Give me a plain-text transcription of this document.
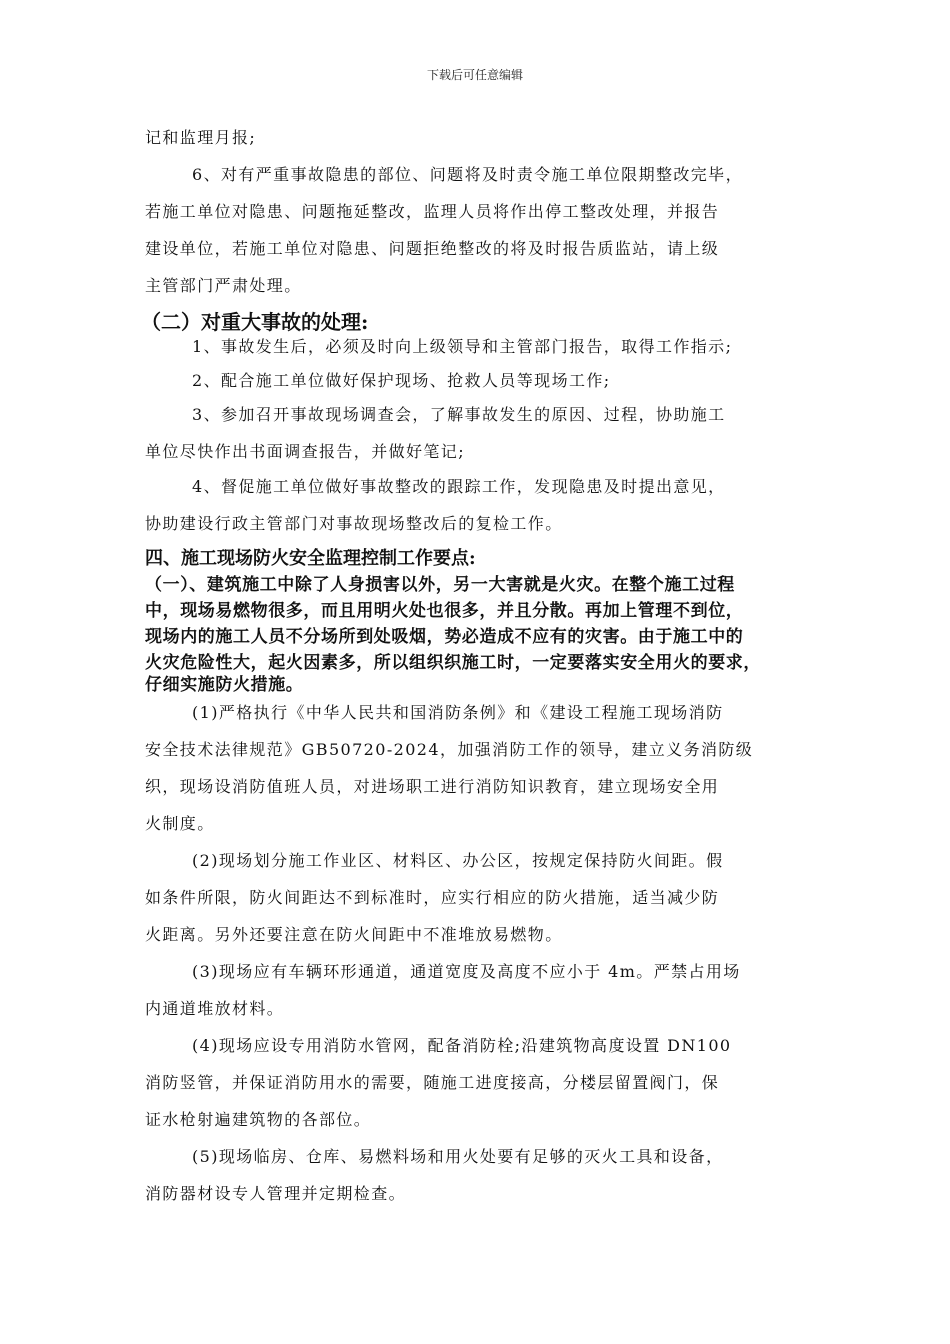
下载后可任意编辑
记和监理月报;
6、对有严重事故隐患的部位、问题将及时责令施工单位限期整改完毕，
若施工单位对隐患、问题拖延整改，监理人员将作出停工整改处理，并报告
建设单位，若施工单位对隐患、问题拒绝整改的将及时报告质监站，请上级
主管部门严肃处理。
（二）对重大事故的处理:
1、事故发生后，必须及时向上级领导和主管部门报告，取得工作指示;
2、配合施工单位做好保护现场、抢救人员等现场工作;
3、参加召开事故现场调查会，了解事故发生的原因、过程，协助施工
单位尽快作出书面调查报告，并做好笔记;
4、督促施工单位做好事故整改的跟踪工作，发现隐患及时提出意见，
协助建设行政主管部门对事故现场整改后的复检工作。
四、施工现场防火安全监理控制工作要点:
（一）、建筑施工中除了人身损害以外，另一大害就是火灾。在整个施工过程
中，现场易燃物很多，而且用明火处也很多，并且分散。再加上管理不到位，
现场内的施工人员不分场所到处吸烟，势必造成不应有的灾害。由于施工中的
火灾危险性大，起火因素多，所以组织织施工时，一定要落实安全用火的要求，
仔细实施防火措施。
(1)严格执行《中华人民共和国消防条例》和《建设工程施工现场消防
安全技术法律规范》GB50720-2024，加强消防工作的领导，建立义务消防级
织，现场设消防值班人员，对进场职工进行消防知识教育，建立现场安全用
火制度。
(2)现场划分施工作业区、材料区、办公区，按规定保持防火间距。假
如条件所限，防火间距达不到标准时，应实行相应的防火措施，适当减少防
火距离。另外还要注意在防火间距中不准堆放易燃物。
(3)现场应有车辆环形通道，通道宽度及高度不应小于 4m。严禁占用场
内通道堆放材料。
(4)现场应设专用消防水管网，配备消防栓;沿建筑物高度设置 DN100
消防竖管，并保证消防用水的需要，随施工进度接高，分楼层留置阀门，保
证水枪射遍建筑物的各部位。
(5)现场临房、仓库、易燃料场和用火处要有足够的灭火工具和设备，
消防器材设专人管理并定期检查。
